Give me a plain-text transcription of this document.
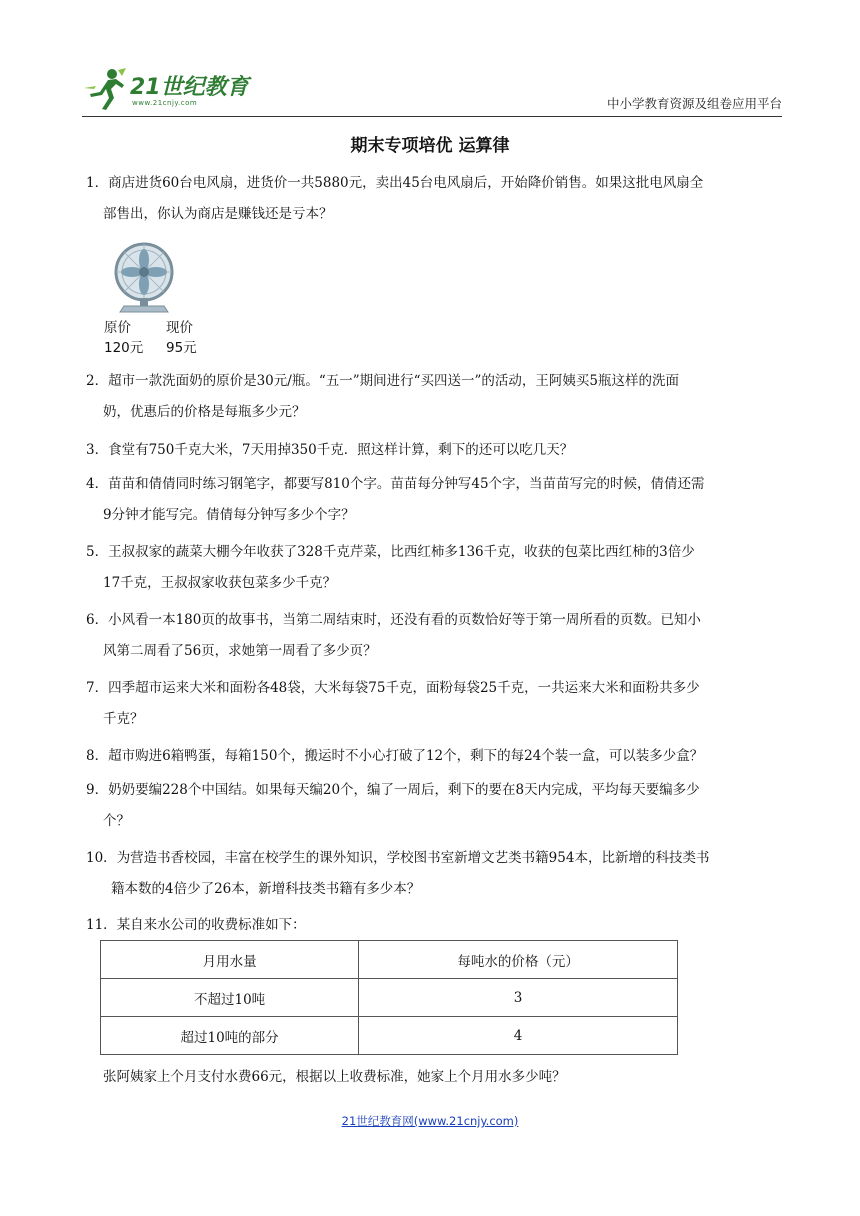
21世纪教育
www.21cnjy.com	中小学教育资源及组卷应用平台
期末专项培优 运算律
1．商店进货60台电风扇，进货价一共5880元，卖出45台电风扇后，开始降价销售。如果这批电风扇全
部售出，你认为商店是赚钱还是亏本？
原价	现价
120元 95元
2．超市一款洗面奶的原价是30元/瓶。“五一”期间进行“买四送一”的活动，王阿姨买5瓶这样的洗面
奶，优惠后的价格是每瓶多少元？
3．食堂有750千克大米，7天用掉350千克．照这样计算，剩下的还可以吃几天？
4．苗苗和倩倩同时练习钢笔字，都要写810个字。苗苗每分钟写45个字，当苗苗写完的时候，倩倩还需
9分钟才能写完。倩倩每分钟写多少个字？
5．王叔叔家的蔬菜大棚今年收获了328千克芹菜，比西红柿多136千克，收获的包菜比西红柿的3倍少
17千克，王叔叔家收获包菜多少千克？
6．小风看一本180页的故事书，当第二周结束时，还没有看的页数恰好等于第一周所看的页数。已知小
风第二周看了56页，求她第一周看了多少页？
7．四季超市运来大米和面粉各48袋，大米每袋75千克，面粉每袋25千克，一共运来大米和面粉共多少
千克？
8．超市购进6箱鸭蛋，每箱150个，搬运时不小心打破了12个，剩下的每24个装一盒，可以装多少盒？
9．奶奶要编228个中国结。如果每天编20个，编了一周后，剩下的要在8天内完成，平均每天要编多少
个？
10．为营造书香校园，丰富在校学生的课外知识，学校图书室新增文艺类书籍954本，比新增的科技类书
籍本数的4倍少了26本，新增科技类书籍有多少本？
11．某自来水公司的收费标准如下：
月用水量	每吨水的价格（元）
不超过10吨	3
超过10吨的部分	4
张阿姨家上个月支付水费66元，根据以上收费标准，她家上个月用水多少吨？
21世纪教育网(www.21cnjy.com)
